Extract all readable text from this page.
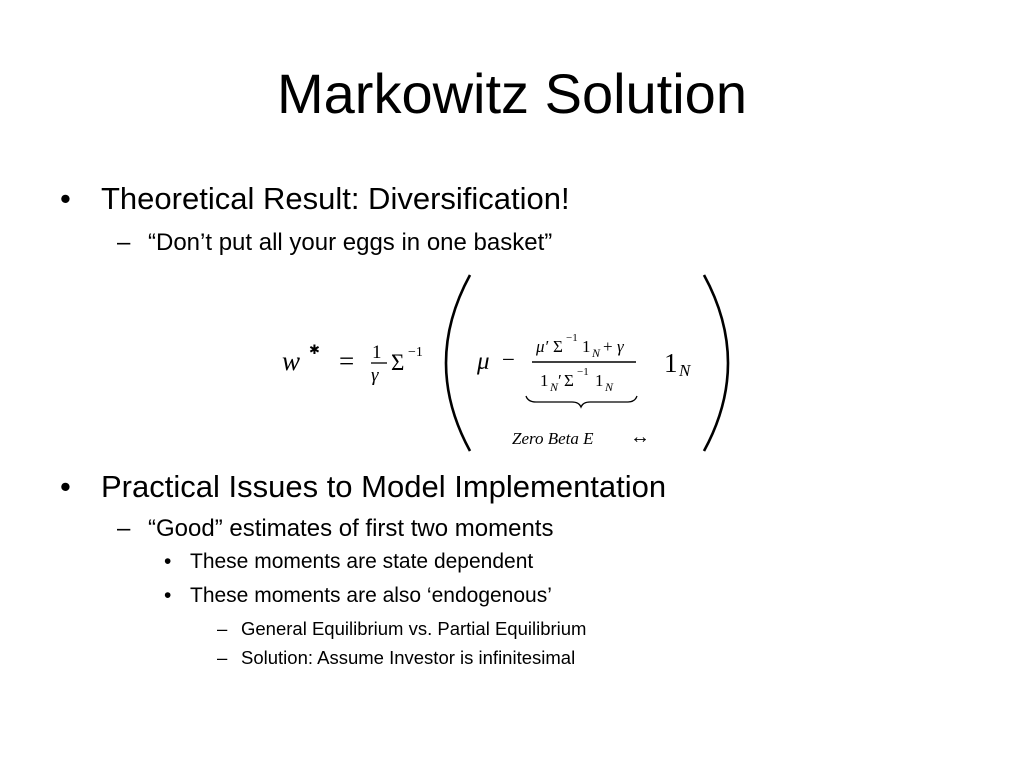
Markowitz Solution
• Theoretical Result: Diversification!
– “Don’t put all your eggs in one basket”
w ✱ = 1
γ
Σ −1 μ −
μ′ Σ −1 1 N + γ
1 N ′ Σ −1 1 N
1 N
Zero Beta E ↔
• Practical Issues to Model Implementation
– “Good” estimates of first two moments
• These moments are state dependent
• These moments are also ‘endogenous’
– General Equilibrium vs. Partial Equilibrium
– Solution: Assume Investor is infinitesimal
